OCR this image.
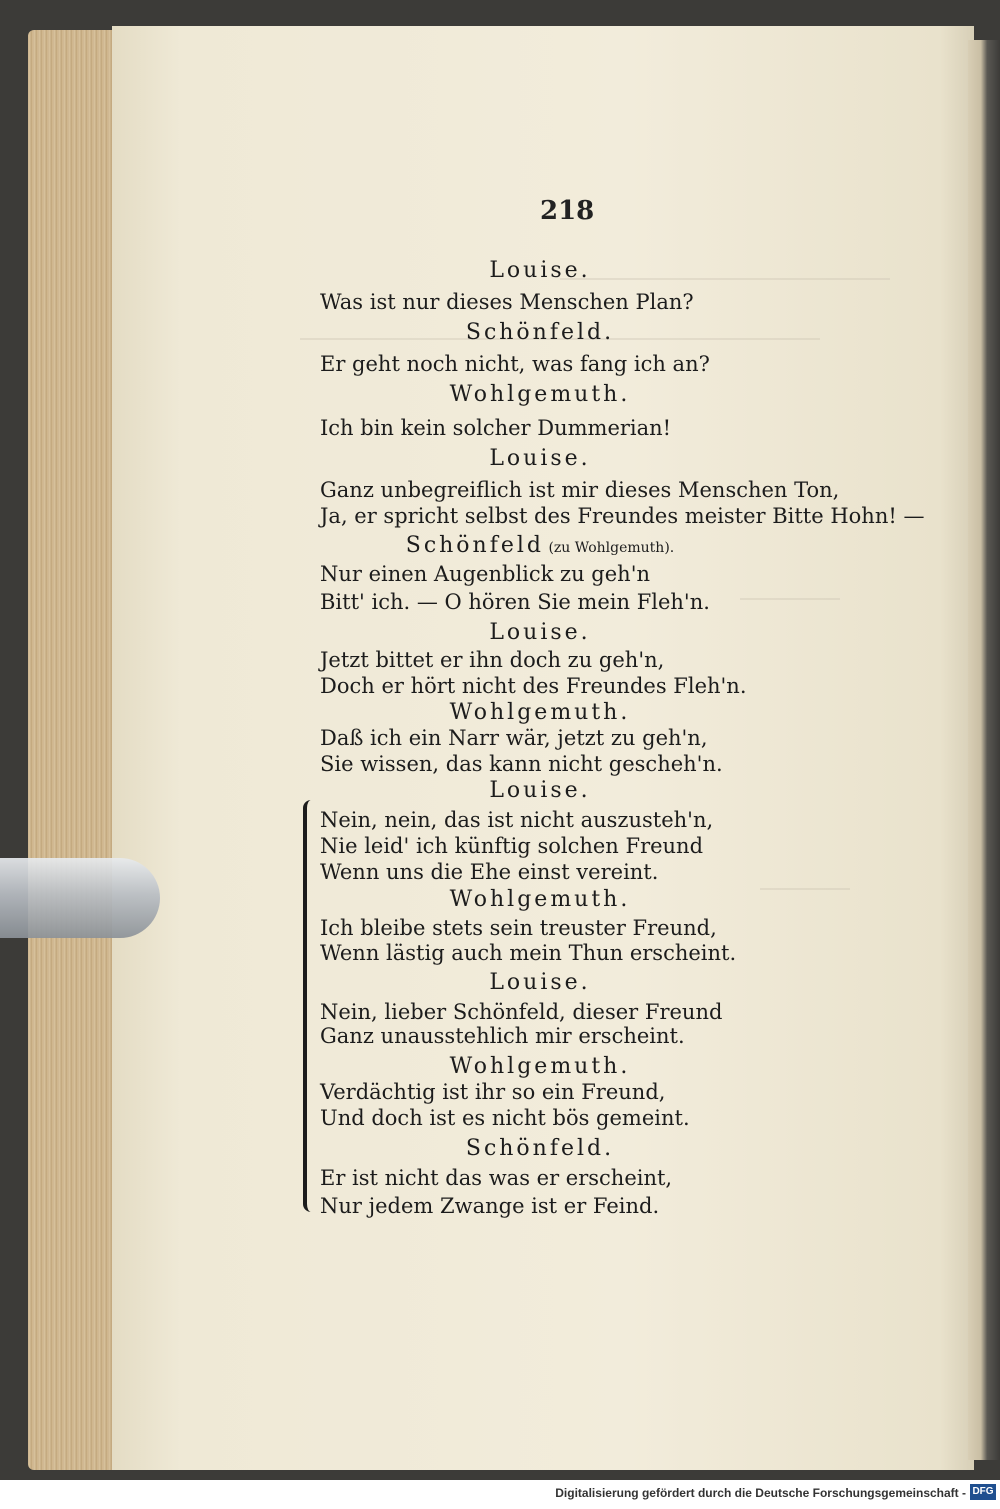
218
Louise.
Was ist nur dieses Menschen Plan?
Schönfeld.
Er geht noch nicht, was fang ich an?
Wohlgemuth.
Ich bin kein solcher Dummerian!
Louise.
Ganz unbegreiflich ist mir dieses Menschen Ton,
Ja, er spricht selbst des Freundes meister Bitte Hohn! —
Schönfeld (zu Wohlgemuth).
Nur einen Augenblick zu geh'n
Bitt' ich. — O hören Sie mein Fleh'n.
Louise.
Jetzt bittet er ihn doch zu geh'n,
Doch er hört nicht des Freundes Fleh'n.
Wohlgemuth.
Daß ich ein Narr wär, jetzt zu geh'n,
Sie wissen, das kann nicht gescheh'n.
Louise.
Nein, nein, das ist nicht auszusteh'n,
Nie leid' ich künftig solchen Freund
Wenn uns die Ehe einst vereint.
Wohlgemuth.
Ich bleibe stets sein treuster Freund,
Wenn lästig auch mein Thun erscheint.
Louise.
Nein, lieber Schönfeld, dieser Freund
Ganz unausstehlich mir erscheint.
Wohlgemuth.
Verdächtig ist ihr so ein Freund,
Und doch ist es nicht bös gemeint.
Schönfeld.
Er ist nicht das was er erscheint,
Nur jedem Zwange ist er Feind.
Digitalisierung gefördert durch die Deutsche Forschungsgemeinschaft - DFG
